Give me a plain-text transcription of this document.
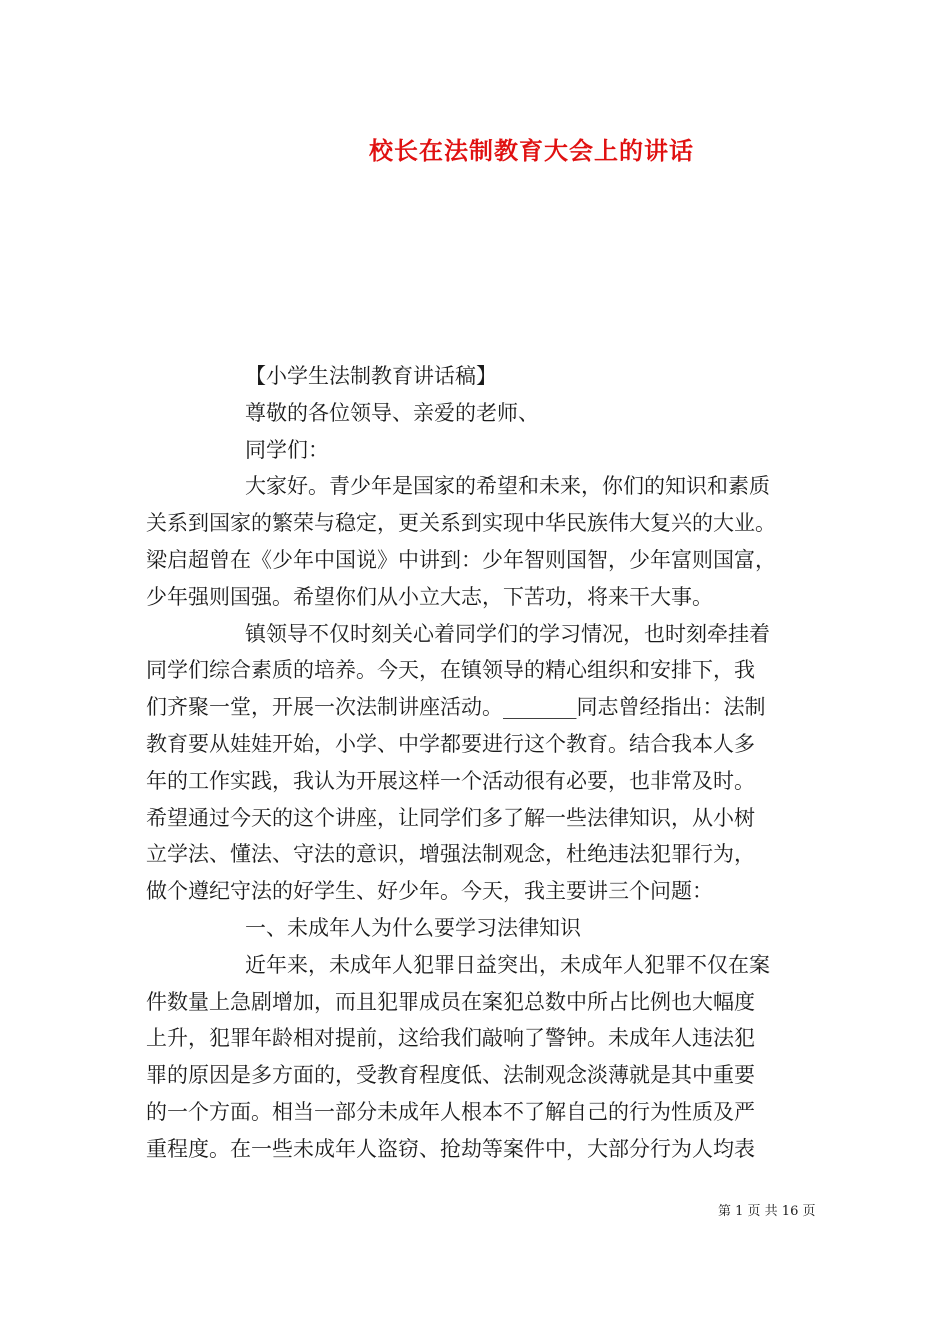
校长在法制教育大会上的讲话
【小学生法制教育讲话稿】
尊敬的各位领导、亲爱的老师、
同学们：
大家好。青少年是国家的希望和未来，你们的知识和素质
关系到国家的繁荣与稳定，更关系到实现中华民族伟大复兴的大业。
梁启超曾在《少年中国说》中讲到：少年智则国智，少年富则国富，
少年强则国强。希望你们从小立大志，下苦功，将来干大事。
镇领导不仅时刻关心着同学们的学习情况，也时刻牵挂着
同学们综合素质的培养。今天，在镇领导的精心组织和安排下，我
们齐聚一堂，开展一次法制讲座活动。_______同志曾经指出：法制
教育要从娃娃开始，小学、中学都要进行这个教育。结合我本人多
年的工作实践，我认为开展这样一个活动很有必要，也非常及时。
希望通过今天的这个讲座，让同学们多了解一些法律知识，从小树
立学法、懂法、守法的意识，增强法制观念，杜绝违法犯罪行为，
做个遵纪守法的好学生、好少年。今天，我主要讲三个问题：
一、未成年人为什么要学习法律知识
近年来，未成年人犯罪日益突出，未成年人犯罪不仅在案
件数量上急剧增加，而且犯罪成员在案犯总数中所占比例也大幅度
上升，犯罪年龄相对提前，这给我们敲响了警钟。未成年人违法犯
罪的原因是多方面的，受教育程度低、法制观念淡薄就是其中重要
的一个方面。相当一部分未成年人根本不了解自己的行为性质及严
重程度。在一些未成年人盗窃、抢劫等案件中，大部分行为人均表
第 1 页 共 16 页
